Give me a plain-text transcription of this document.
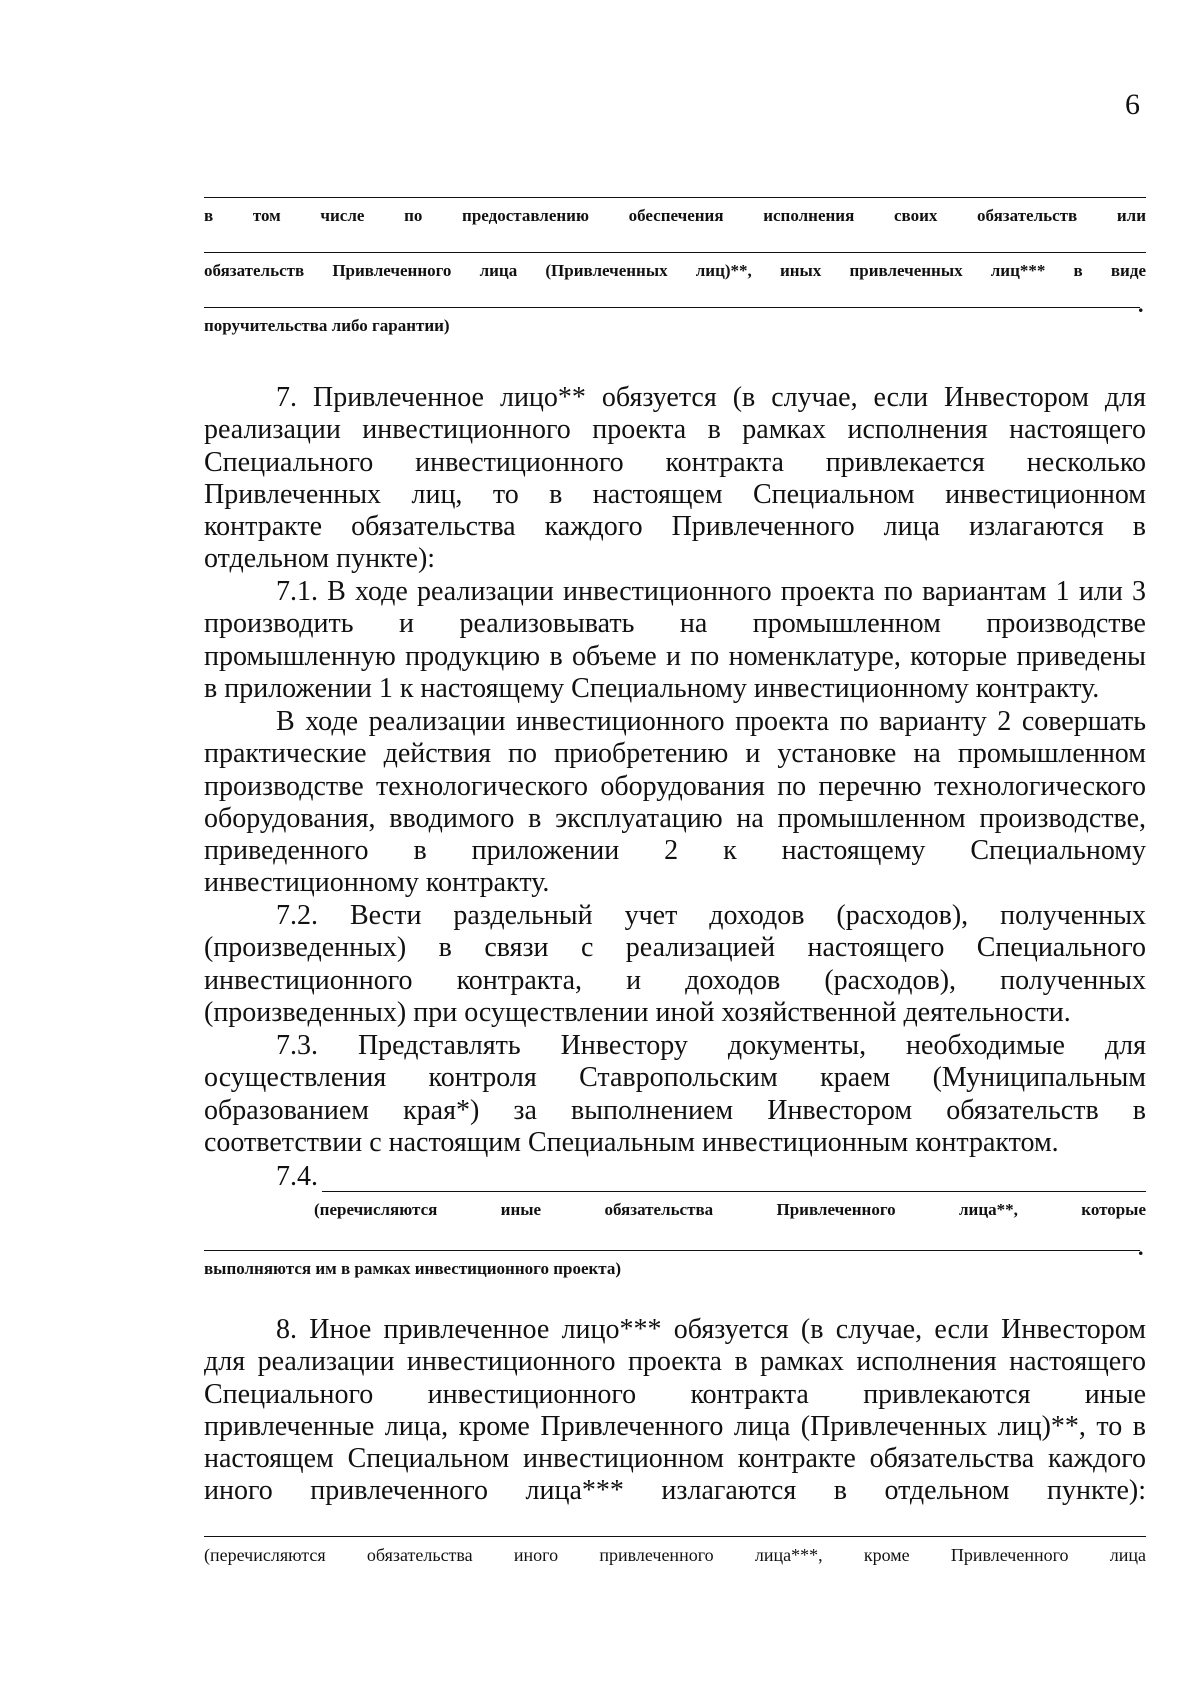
6
в том числе по предоставлению обеспечения исполнения своих обязательств или
обязательств Привлеченного лица (Привлеченных лиц)**, иных привлеченных лиц*** в виде
поручительства либо гарантии)
.
7. Привлеченное лицо** обязуется (в случае, если Инвестором для
реализации инвестиционного проекта в рамках исполнения настоящего
Специального инвестиционного контракта привлекается несколько
Привлеченных лиц, то в настоящем Специальном инвестиционном
контракте обязательства каждого Привлеченного лица излагаются в
отдельном пункте):
7.1. В ходе реализации инвестиционного проекта по вариантам 1 или 3
производить и реализовывать на промышленном производстве
промышленную продукцию в объеме и по номенклатуре, которые приведены
в приложении 1 к настоящему Специальному инвестиционному контракту.
В ходе реализации инвестиционного проекта по варианту 2 совершать
практические действия по приобретению и установке на промышленном
производстве технологического оборудования по перечню технологического
оборудования, вводимого в эксплуатацию на промышленном производстве,
приведенного в приложении 2 к настоящему Специальному
инвестиционному контракту.
7.2. Вести раздельный учет доходов (расходов), полученных
(произведенных) в связи с реализацией настоящего Специального
инвестиционного контракта, и доходов (расходов), полученных
(произведенных) при осуществлении иной хозяйственной деятельности.
7.3. Представлять Инвестору документы, необходимые для
осуществления контроля Ставропольским краем (Муниципальным
образованием края*) за выполнением Инвестором обязательств в
соответствии с настоящим Специальным инвестиционным контрактом.
7.4.
(перечисляются иные обязательства Привлеченного лица**, которые
выполняются им в рамках инвестиционного проекта)
.
8. Иное привлеченное лицо*** обязуется (в случае, если Инвестором
для реализации инвестиционного проекта в рамках исполнения настоящего
Специального инвестиционного контракта привлекаются иные
привлеченные лица, кроме Привлеченного лица (Привлеченных лиц)**, то в
настоящем Специальном инвестиционном контракте обязательства каждого
иного привлеченного лица*** излагаются в отдельном пункте):
(перечисляются обязательства иного привлеченного лица***, кроме Привлеченного лица
